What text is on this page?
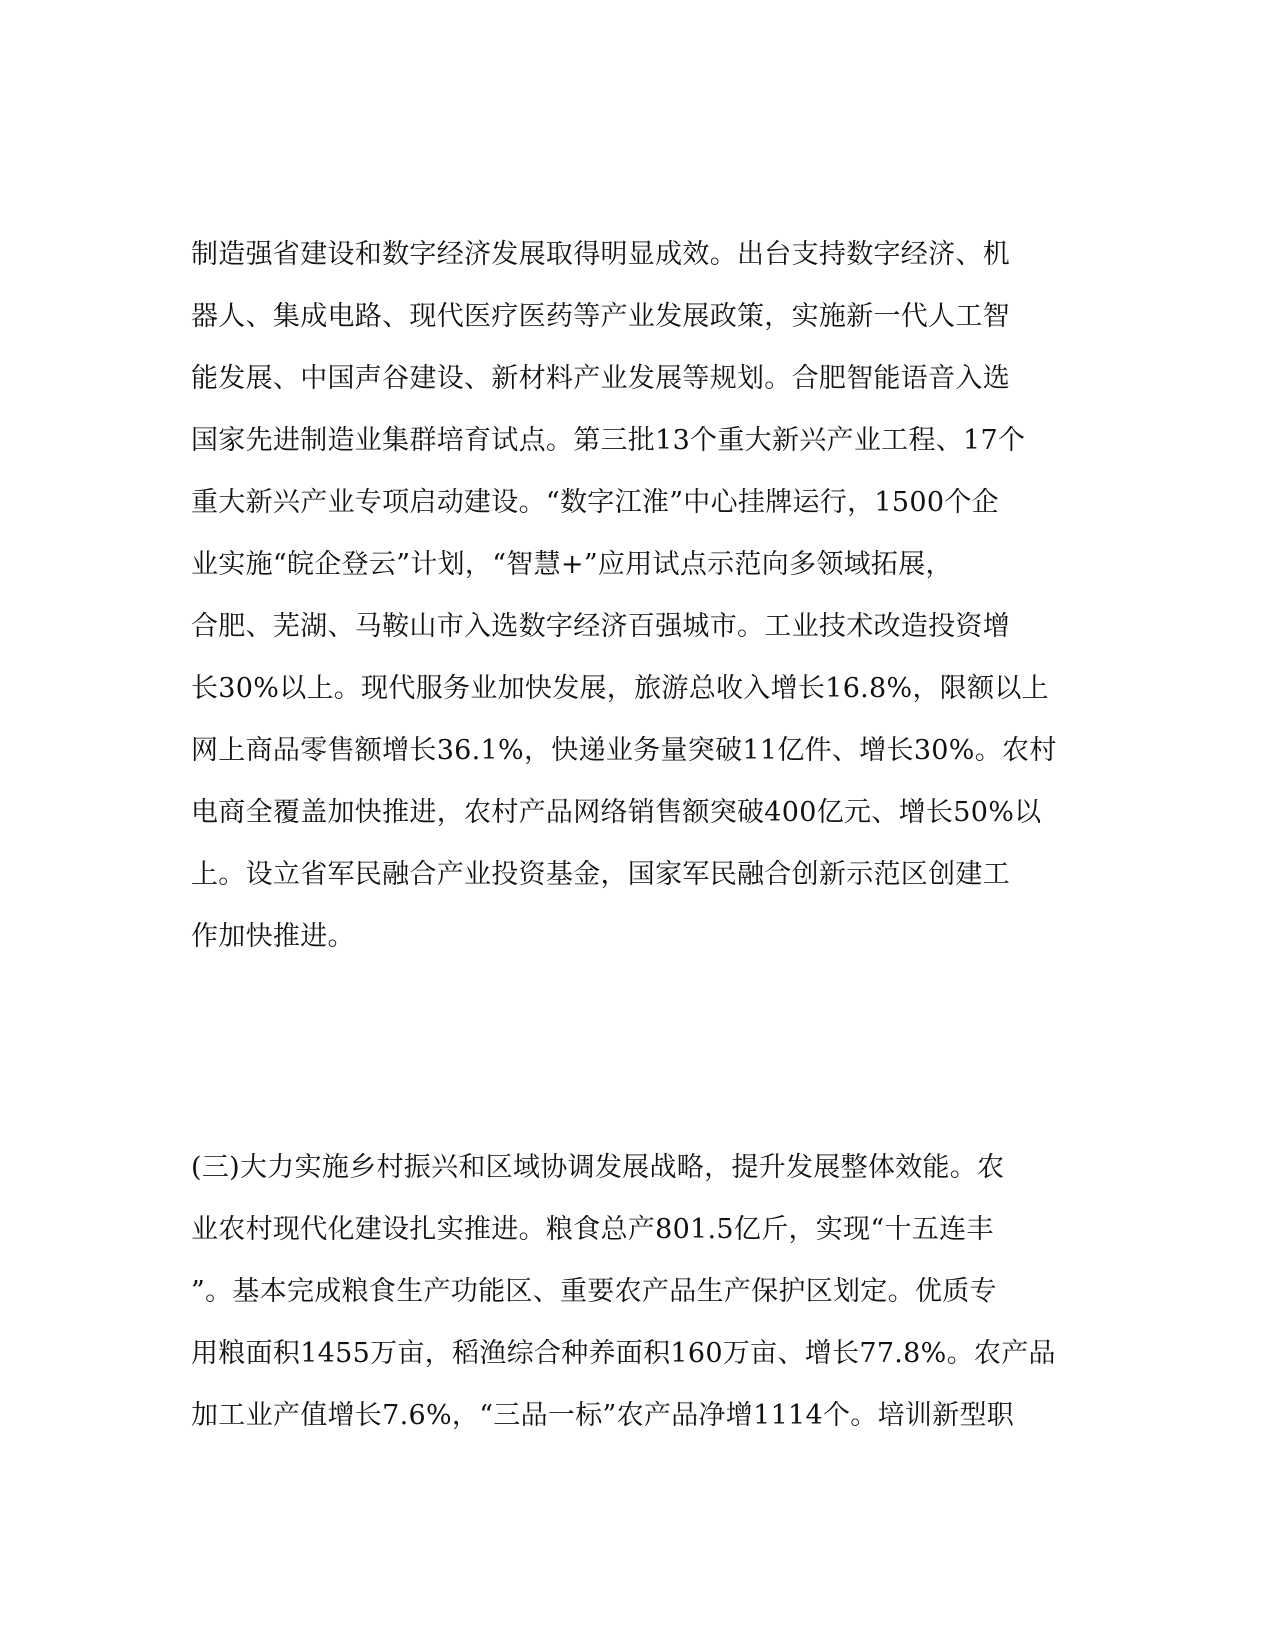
制造强省建设和数字经济发展取得明显成效。出台支持数字经济、机
器人、集成电路、现代医疗医药等产业发展政策，实施新一代人工智
能发展、中国声谷建设、新材料产业发展等规划。合肥智能语音入选
国家先进制造业集群培育试点。第三批13个重大新兴产业工程、17个
重大新兴产业专项启动建设。“数字江淮”中心挂牌运行，1500个企
业实施“皖企登云”计划，“智慧+”应用试点示范向多领域拓展，
合肥、芜湖、马鞍山市入选数字经济百强城市。工业技术改造投资增
长30%以上。现代服务业加快发展，旅游总收入增长16.8%，限额以上
网上商品零售额增长36.1%，快递业务量突破11亿件、增长30%。农村
电商全覆盖加快推进，农村产品网络销售额突破400亿元、增长50%以
上。设立省军民融合产业投资基金，国家军民融合创新示范区创建工
作加快推进。
(三)大力实施乡村振兴和区域协调发展战略，提升发展整体效能。农
业农村现代化建设扎实推进。粮食总产801.5亿斤，实现“十五连丰
”。基本完成粮食生产功能区、重要农产品生产保护区划定。优质专
用粮面积1455万亩，稻渔综合种养面积160万亩、增长77.8%。农产品
加工业产值增长7.6%，“三品一标”农产品净增1114个。培训新型职
